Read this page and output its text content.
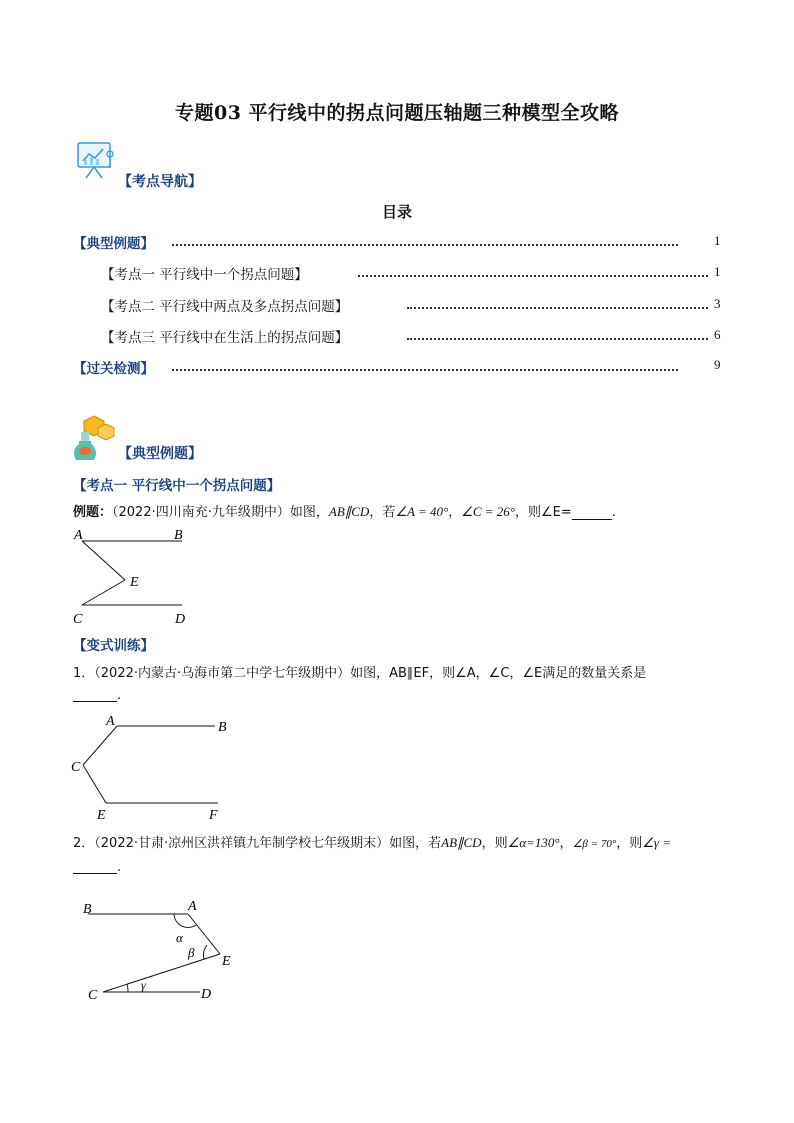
专题03 平行线中的拐点问题压轴题三种模型全攻略
【考点导航】
目录
【典型例题】	1
【考点一 平行线中一个拐点问题】	1
【考点二 平行线中两点及多点拐点问题】	3
【考点三 平行线中在生活上的拐点问题】	6
【过关检测】	9
【典型例题】
【考点一 平行线中一个拐点问题】
例题：（2022·四川南充·九年级期中）如图，AB∥CD，若∠A = 40°，∠C = 26°，则∠E=	.
A	B
E
C	D
【变式训练】
1．（2022·内蒙古·乌海市第二中学七年级期中）如图，AB∥EF，则∠A，∠C，∠E满足的数量关系是
.
A	B
C
E	F
2．（2022·甘肃·凉州区洪祥镇九年制学校七年级期末）如图，若AB∥CD，则∠α=130°，∠β = 70°，则∠γ =
.
B	A
α
β
E
γ
C	D
